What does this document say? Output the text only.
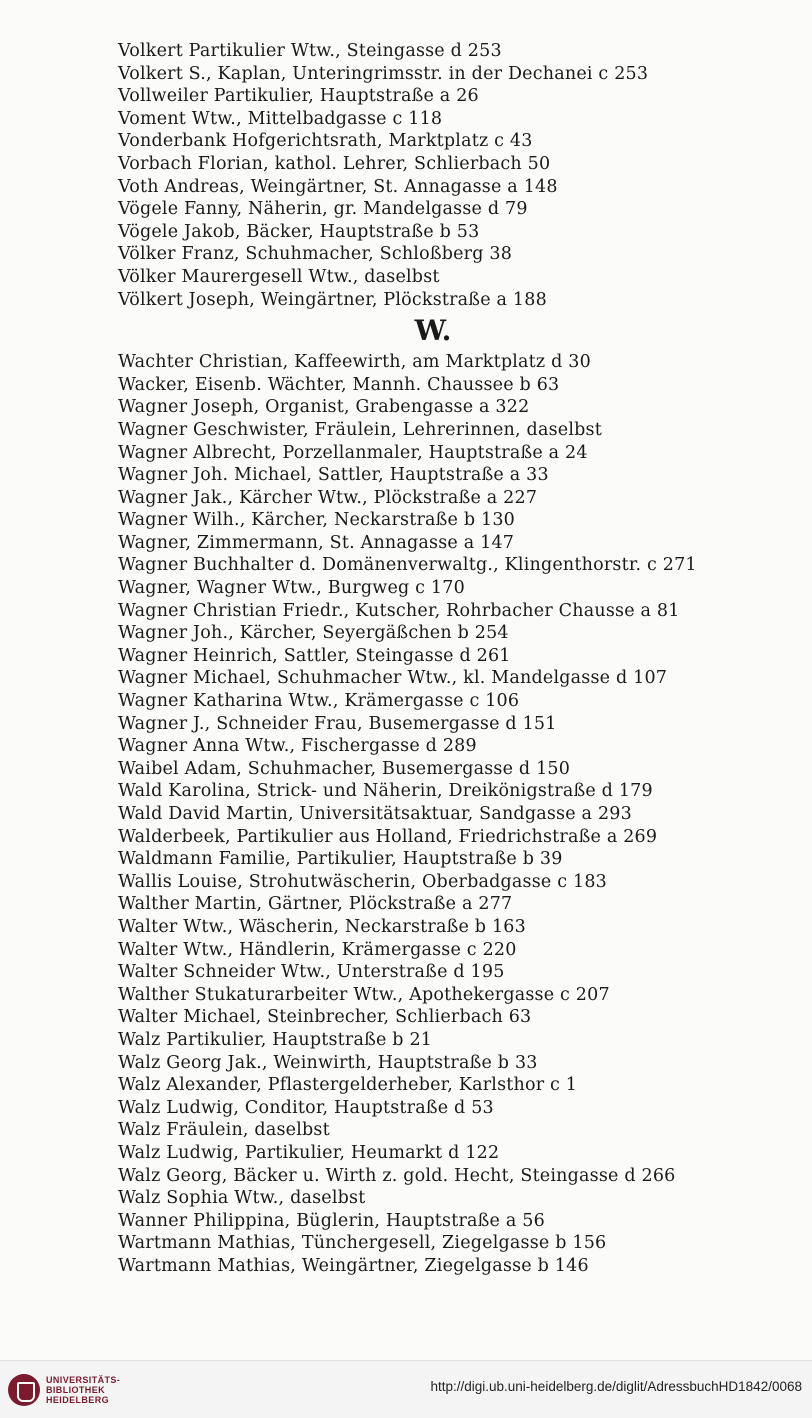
Volkert Partikulier Wtw., Steingasse d 253
Volkert S., Kaplan, Unteringrimsstr. in der Dechanei c 253
Vollweiler Partikulier, Hauptstraße a 26
Voment Wtw., Mittelbadgasse c 118
Vonderbank Hofgerichtsrath, Marktplatz c 43
Vorbach Florian, kathol. Lehrer, Schlierbach 50
Voth Andreas, Weingärtner, St. Annagasse a 148
Vögele Fanny, Näherin, gr. Mandelgasse d 79
Vögele Jakob, Bäcker, Hauptstraße b 53
Völker Franz, Schuhmacher, Schloßberg 38
Völker Maurergesell Wtw., daselbst
Völkert Joseph, Weingärtner, Plöckstraße a 188
W.
Wachter Christian, Kaffeewirth, am Marktplatz d 30
Wacker, Eisenb. Wächter, Mannh. Chaussee b 63
Wagner Joseph, Organist, Grabengasse a 322
Wagner Geschwister, Fräulein, Lehrerinnen, daselbst
Wagner Albrecht, Porzellanmaler, Hauptstraße a 24
Wagner Joh. Michael, Sattler, Hauptstraße a 33
Wagner Jak., Kärcher Wtw., Plöckstraße a 227
Wagner Wilh., Kärcher, Neckarstraße b 130
Wagner, Zimmermann, St. Annagasse a 147
Wagner Buchhalter d. Domänenverwaltg., Klingenthorstr. c 271
Wagner, Wagner Wtw., Burgweg c 170
Wagner Christian Friedr., Kutscher, Rohrbacher Chausse a 81
Wagner Joh., Kärcher, Seyergäßchen b 254
Wagner Heinrich, Sattler, Steingasse d 261
Wagner Michael, Schuhmacher Wtw., kl. Mandelgasse d 107
Wagner Katharina Wtw., Krämergasse c 106
Wagner J., Schneider Frau, Busemergasse d 151
Wagner Anna Wtw., Fischergasse d 289
Waibel Adam, Schuhmacher, Busemergasse d 150
Wald Karolina, Strick- und Näherin, Dreikönigstraße d 179
Wald David Martin, Universitätsaktuar, Sandgasse a 293
Walderbeek, Partikulier aus Holland, Friedrichstraße a 269
Waldmann Familie, Partikulier, Hauptstraße b 39
Wallis Louise, Strohutwäscherin, Oberbadgasse c 183
Walther Martin, Gärtner, Plöckstraße a 277
Walter Wtw., Wäscherin, Neckarstraße b 163
Walter Wtw., Händlerin, Krämergasse c 220
Walter Schneider Wtw., Unterstraße d 195
Walther Stukaturarbeiter Wtw., Apothekergasse c 207
Walter Michael, Steinbrecher, Schlierbach 63
Walz Partikulier, Hauptstraße b 21
Walz Georg Jak., Weinwirth, Hauptstraße b 33
Walz Alexander, Pflastergelderheber, Karlsthor c 1
Walz Ludwig, Conditor, Hauptstraße d 53
Walz Fräulein, daselbst
Walz Ludwig, Partikulier, Heumarkt d 122
Walz Georg, Bäcker u. Wirth z. gold. Hecht, Steingasse d 266
Walz Sophia Wtw., daselbst
Wanner Philippina, Büglerin, Hauptstraße a 56
Wartmann Mathias, Tünchergesell, Ziegelgasse b 156
Wartmann Mathias, Weingärtner, Ziegelgasse b 146
UNIVERSITÄTS-
BIBLIOTHEK
HEIDELBERG
http://digi.ub.uni-heidelberg.de/diglit/AdressbuchHD1842/0068
